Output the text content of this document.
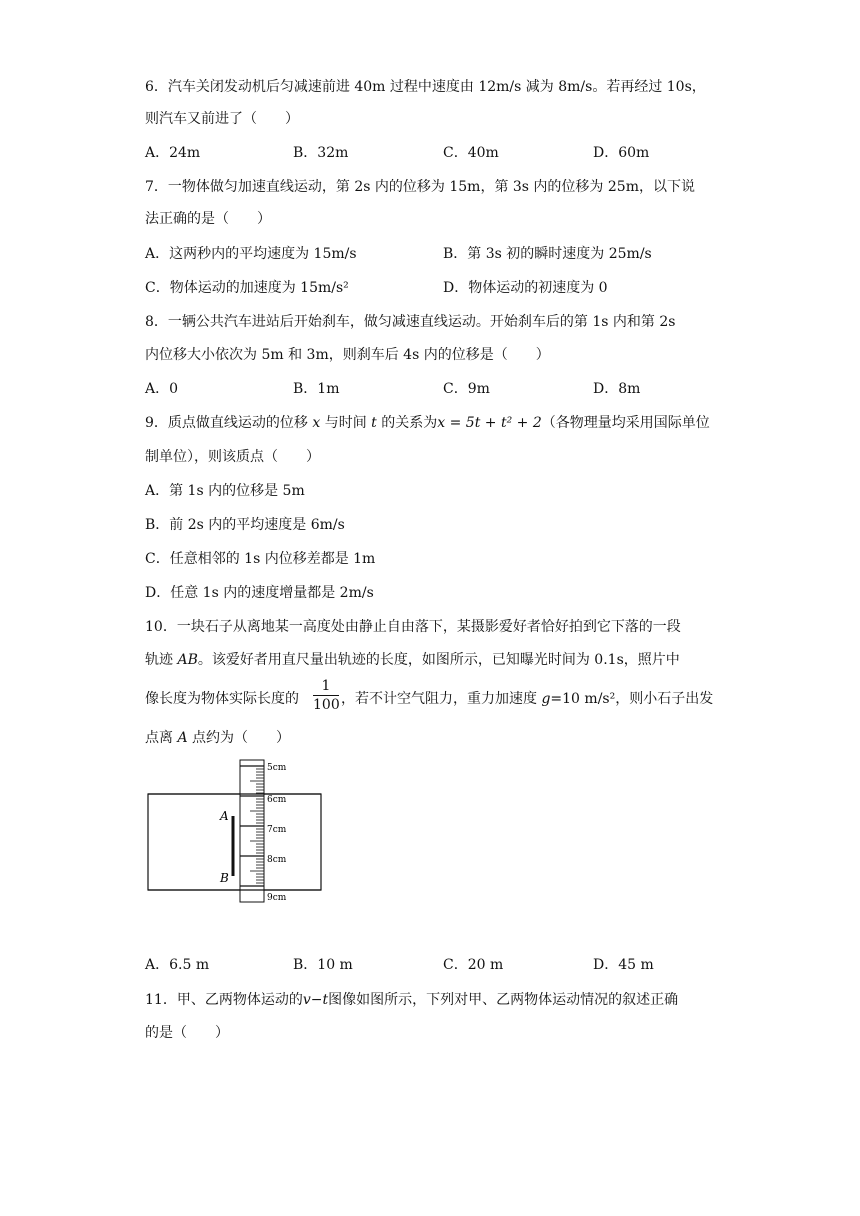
6．汽车关闭发动机后匀减速前进 40m 过程中速度由 12m/s 减为 8m/s。若再经过 10s，
则汽车又前进了（　　）
A．24m	B．32m	C．40m	D．60m
7．一物体做匀加速直线运动，第 2s 内的位移为 15m，第 3s 内的位移为 25m，以下说
法正确的是（　　）
A．这两秒内的平均速度为 15m/s	B．第 3s 初的瞬时速度为 25m/s
C．物体运动的加速度为 15m/s²	D．物体运动的初速度为 0
8．一辆公共汽车进站后开始刹车，做匀减速直线运动。开始刹车后的第 1s 内和第 2s
内位移大小依次为 5m 和 3m，则刹车后 4s 内的位移是（　　）
A．0	B．1m	C．9m	D．8m
9．质点做直线运动的位移 x 与时间 t 的关系为x = 5t + t² + 2（各物理量均采用国际单位
制单位），则该质点（　　）
A．第 1s 内的位移是 5m
B．前 2s 内的平均速度是 6m/s
C．任意相邻的 1s 内位移差都是 1m
D．任意 1s 内的速度增量都是 2m/s
10．一块石子从离地某一高度处由静止自由落下，某摄影爱好者恰好拍到它下落的一段
轨迹 AB。该爱好者用直尺量出轨迹的长度，如图所示，已知曝光时间为 0.1s，照片中
像长度为物体实际长度的
1
100 ，若不计空气阻力，重力加速度 g=10 m/s²，则小石子出发
点离 A 点约为（　　）
A
B
5cm
6cm
7cm
8cm
9cm
A．6.5 m	B．10 m	C．20 m	D．45 m
11．甲、乙两物体运动的v−t图像如图所示，下列对甲、乙两物体运动情况的叙述正确
的是（　　）
